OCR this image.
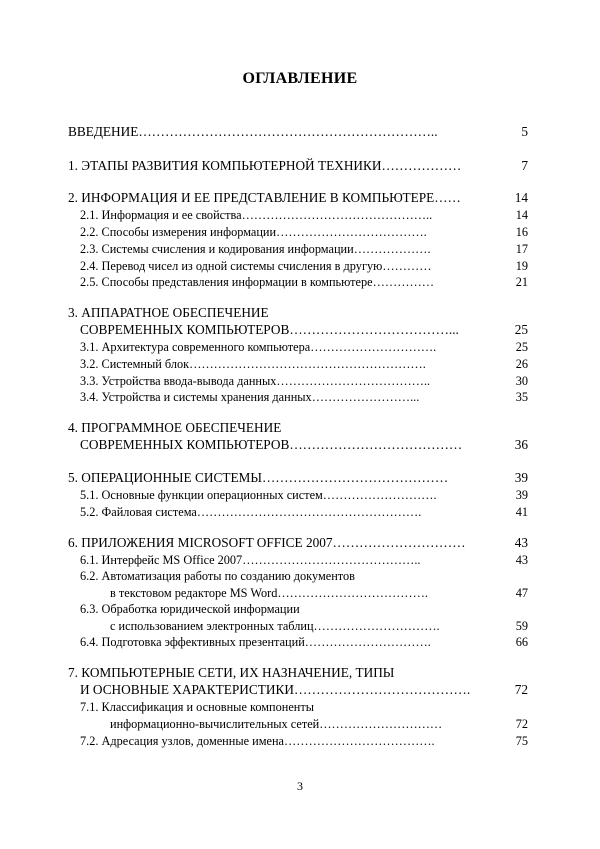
ОГЛАВЛЕНИЕ
ВВЕДЕНИЕ…………………………………………………………..	5
1. ЭТАПЫ РАЗВИТИЯ КОМПЬЮТЕРНОЙ ТЕХНИКИ………………	7
2. ИНФОРМАЦИЯ И ЕЕ ПРЕДСТАВЛЕНИЕ В КОМПЬЮТЕРЕ……	14
2.1. Информация и ее свойства………………………………………..	14
2.2. Способы измерения информации……………………………….	16
2.3. Системы счисления и кодирования информации……………….	17
2.4. Перевод чисел из одной системы счисления в другую…………	19
2.5. Способы представления информации в компьютере……………	21
3. АППАРАТНОЕ ОБЕСПЕЧЕНИЕ
СОВРЕМЕННЫХ КОМПЬЮТЕРОВ………………………………...	25
3.1. Архитектура современного компьютера………………………….	25
3.2. Системный блок………………………………………………….	26
3.3. Устройства ввода-вывода данных………………………………..	30
3.4. Устройства и системы хранения данных……………………...	35
4. ПРОГРАММНОЕ ОБЕСПЕЧЕНИЕ
СОВРЕМЕННЫХ КОМПЬЮТЕРОВ…………………………………	36
5. ОПЕРАЦИОННЫЕ СИСТЕМЫ……………………………………	39
5.1. Основные функции операционных систем……………………….	39
5.2. Файловая система……………………………………………….	41
6. ПРИЛОЖЕНИЯ MICROSOFT OFFICE 2007…………………………	43
6.1. Интерфейс MS Office 2007……………………………………..	43
6.2. Автоматизация работы по созданию документов
в текстовом редакторе MS Word……………………………….	47
6.3. Обработка юридической информации
с использованием электронных таблиц………………………….	59
6.4. Подготовка эффективных презентаций………………………….	66
7. КОМПЬЮТЕРНЫЕ СЕТИ, ИХ НАЗНАЧЕНИЕ, ТИПЫ
И ОСНОВНЫЕ ХАРАКТЕРИСТИКИ………………………………….	72
7.1. Классификация и основные компоненты
информационно-вычислительных сетей…………………………	72
7.2. Адресация узлов, доменные имена……………………………….	75
3
